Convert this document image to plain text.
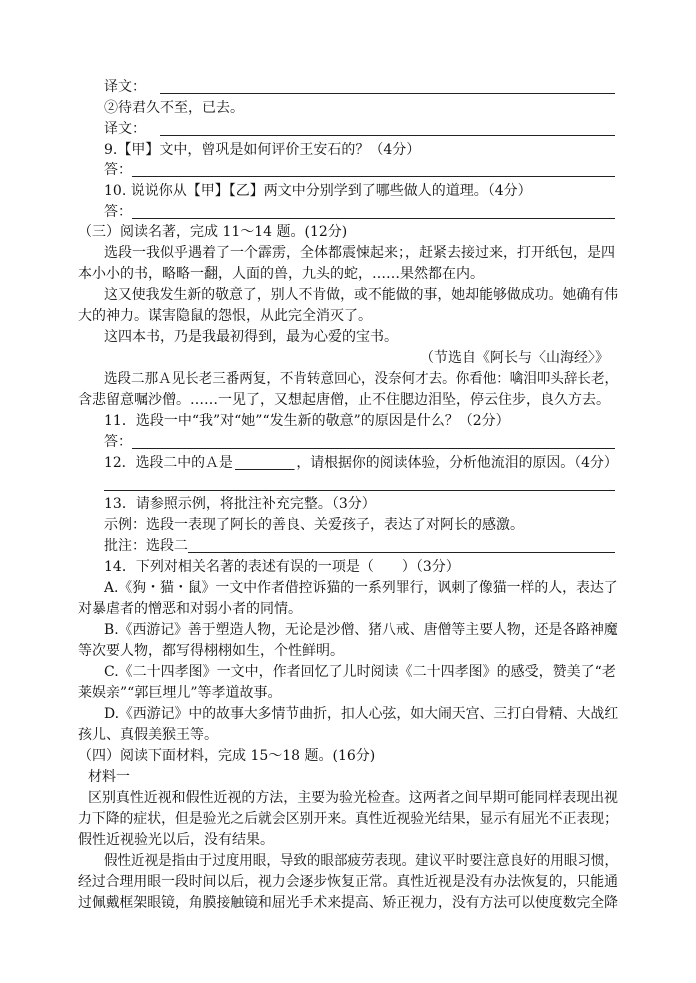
译文：
②待君久不至，已去。
译文：
9.【甲】文中，曾巩是如何评价王安石的？（4分）
答：
10. 说说你从【甲】【乙】两文中分别学到了哪些做人的道理。（4分）
答：
（三）阅读名著，完成 11～14 题。(12分)
选段一我似乎遇着了一个霹雳，全体都震悚起来；，赶紧去接过来，打开纸包，是四
本小小的书，略略一翻，人面的兽，九头的蛇，……果然都在内。
这又使我发生新的敬意了，别人不肯做，或不能做的事，她却能够做成功。她确有伟
大的神力。谋害隐鼠的怨恨，从此完全消灭了。
这四本书，乃是我最初得到，最为心爱的宝书。
（节选自《阿长与〈山海经〉》
选段二那Ａ见长老三番两复，不肯转意回心，没奈何才去。你看他：噙泪叩头辞长老，
含悲留意嘱沙僧。……一见了，又想起唐僧，止不住腮边泪坠，停云住步，良久方去。
11．选段一中“我”对“她”“发生新的敬意”的原因是什么？（2分）
答：
12．选段二中的Ａ是	，请根据你的阅读体验，分析他流泪的原因。（4分）
13．请参照示例，将批注补充完整。（3分）
示例：选段一表现了阿长的善良、关爱孩子，表达了对阿长的感激。
批注：选段二
14．下列对相关名著的表述有误的一项是（　　）（3分）
A.《狗・猫・鼠》一文中作者借控诉猫的一系列罪行，讽刺了像猫一样的人，表达了
对暴虐者的憎恶和对弱小者的同情。
B.《西游记》善于塑造人物，无论是沙僧、猪八戒、唐僧等主要人物，还是各路神魔
等次要人物，都写得栩栩如生，个性鲜明。
C.《二十四孝图》一文中，作者回忆了儿时阅读《二十四孝图》的感受，赞美了“老
莱娱亲”“郭巨埋儿”等孝道故事。
D.《西游记》中的故事大多情节曲折，扣人心弦，如大闹天宫、三打白骨精、大战红
孩儿、真假美猴王等。
（四）阅读下面材料，完成 15～18 题。(16分)
材料一
区别真性近视和假性近视的方法，主要为验光检查。这两者之间早期可能同样表现出视
力下降的症状，但是验光之后就会区别开来。真性近视验光结果，显示有屈光不正表现；
假性近视验光以后，没有结果。
假性近视是指由于过度用眼，导致的眼部疲劳表现。建议平时要注意良好的用眼习惯，
经过合理用眼一段时间以后，视力会逐步恢复正常。真性近视是没有办法恢复的，只能通
过佩戴框架眼镜，角膜接触镜和屈光手术来提高、矫正视力，没有方法可以使度数完全降
